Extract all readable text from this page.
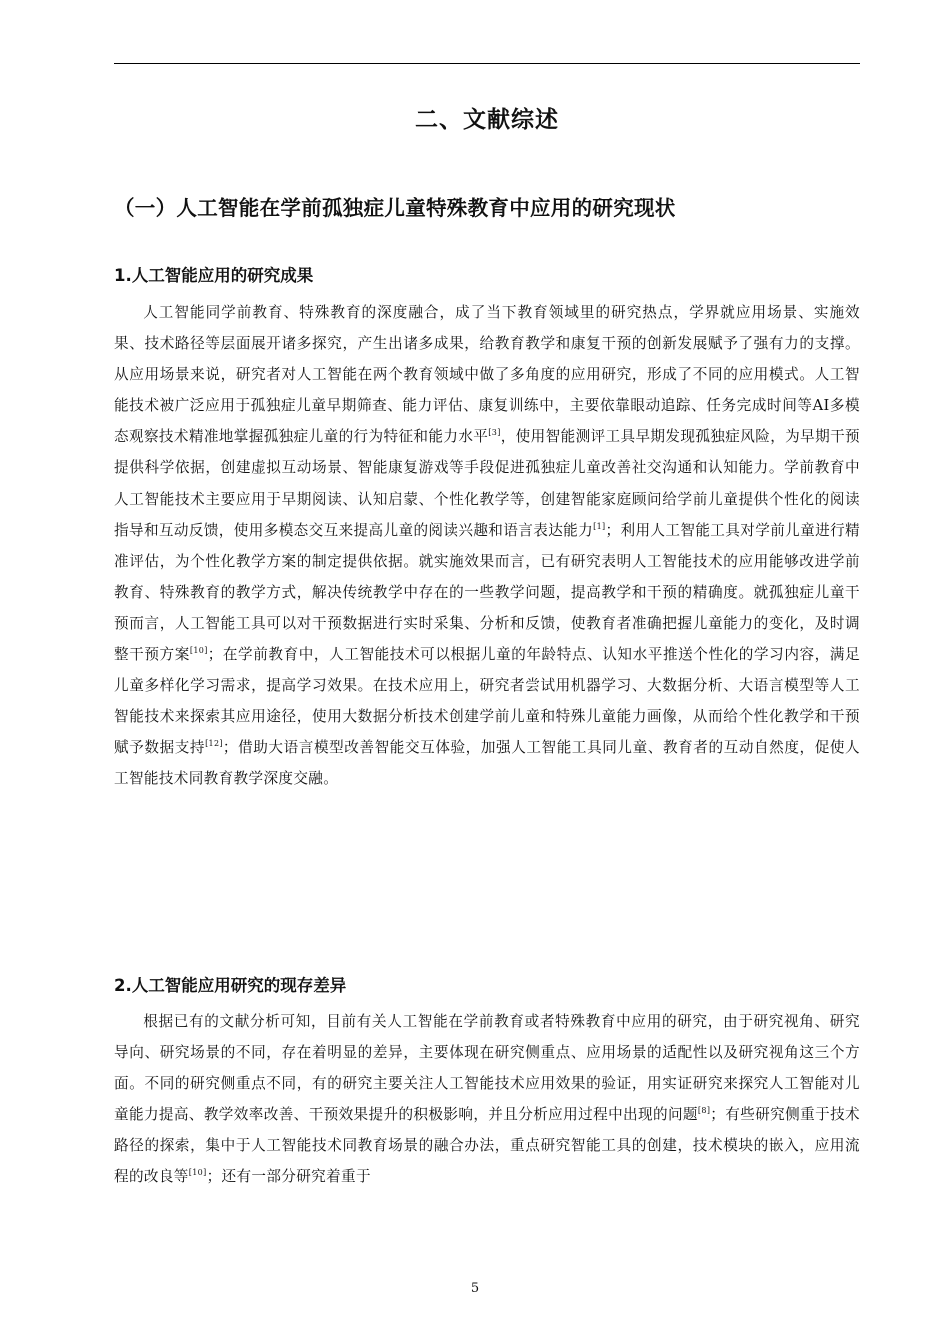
二、文献综述
（一）人工智能在学前孤独症儿童特殊教育中应用的研究现状
1.人工智能应用的研究成果

人工智能同学前教育、特殊教育的深度融合，成了当下教育领域里的研究热点，学界就应用场景、实施效果、技术路径等层面展开诸多探究，产生出诸多成果，给教育教学和康复干预的创新发展赋予了强有力的支撑。从应用场景来说，研究者对人工智能在两个教育领域中做了多角度的应用研究，形成了不同的应用模式。人工智能技术被广泛应用于孤独症儿童早期筛查、能力评估、康复训练中，主要依靠眼动追踪、任务完成时间等AI多模态观察技术精准地掌握孤独症儿童的行为特征和能力水平[3]，使用智能测评工具早期发现孤独症风险，为早期干预提供科学依据，创建虚拟互动场景、智能康复游戏等手段促进孤独症儿童改善社交沟通和认知能力。学前教育中人工智能技术主要应用于早期阅读、认知启蒙、个性化教学等，创建智能家庭顾问给学前儿童提供个性化的阅读指导和互动反馈，使用多模态交互来提高儿童的阅读兴趣和语言表达能力[1]；利用人工智能工具对学前儿童进行精准评估，为个性化教学方案的制定提供依据。就实施效果而言，已有研究表明人工智能技术的应用能够改进学前教育、特殊教育的教学方式，解决传统教学中存在的一些教学问题，提高教学和干预的精确度。就孤独症儿童干预而言，人工智能工具可以对干预数据进行实时采集、分析和反馈，使教育者准确把握儿童能力的变化，及时调整干预方案[10]；在学前教育中，人工智能技术可以根据儿童的年龄特点、认知水平推送个性化的学习内容，满足儿童多样化学习需求，提高学习效果。在技术应用上，研究者尝试用机器学习、大数据分析、大语言模型等人工智能技术来探索其应用途径，使用大数据分析技术创建学前儿童和特殊儿童能力画像，从而给个性化教学和干预赋予数据支持[12]；借助大语言模型改善智能交互体验，加强人工智能工具同儿童、教育者的互动自然度，促使人工智能技术同教育教学深度交融。

2.人工智能应用研究的现存差异

根据已有的文献分析可知，目前有关人工智能在学前教育或者特殊教育中应用的研究，由于研究视角、研究导向、研究场景的不同，存在着明显的差异，主要体现在研究侧重点、应用场景的适配性以及研究视角这三个方面。不同的研究侧重点不同，有的研究主要关注人工智能技术应用效果的验证，用实证研究来探究人工智能对儿童能力提高、教学效率改善、干预效果提升的积极影响，并且分析应用过程中出现的问题[8]；有些研究侧重于技术路径的探索，集中于人工智能技术同教育场景的融合办法，重点研究智能工具的创建，技术模块的嵌入，应用流程的改良等[10]；还有一部分研究着重于

5
